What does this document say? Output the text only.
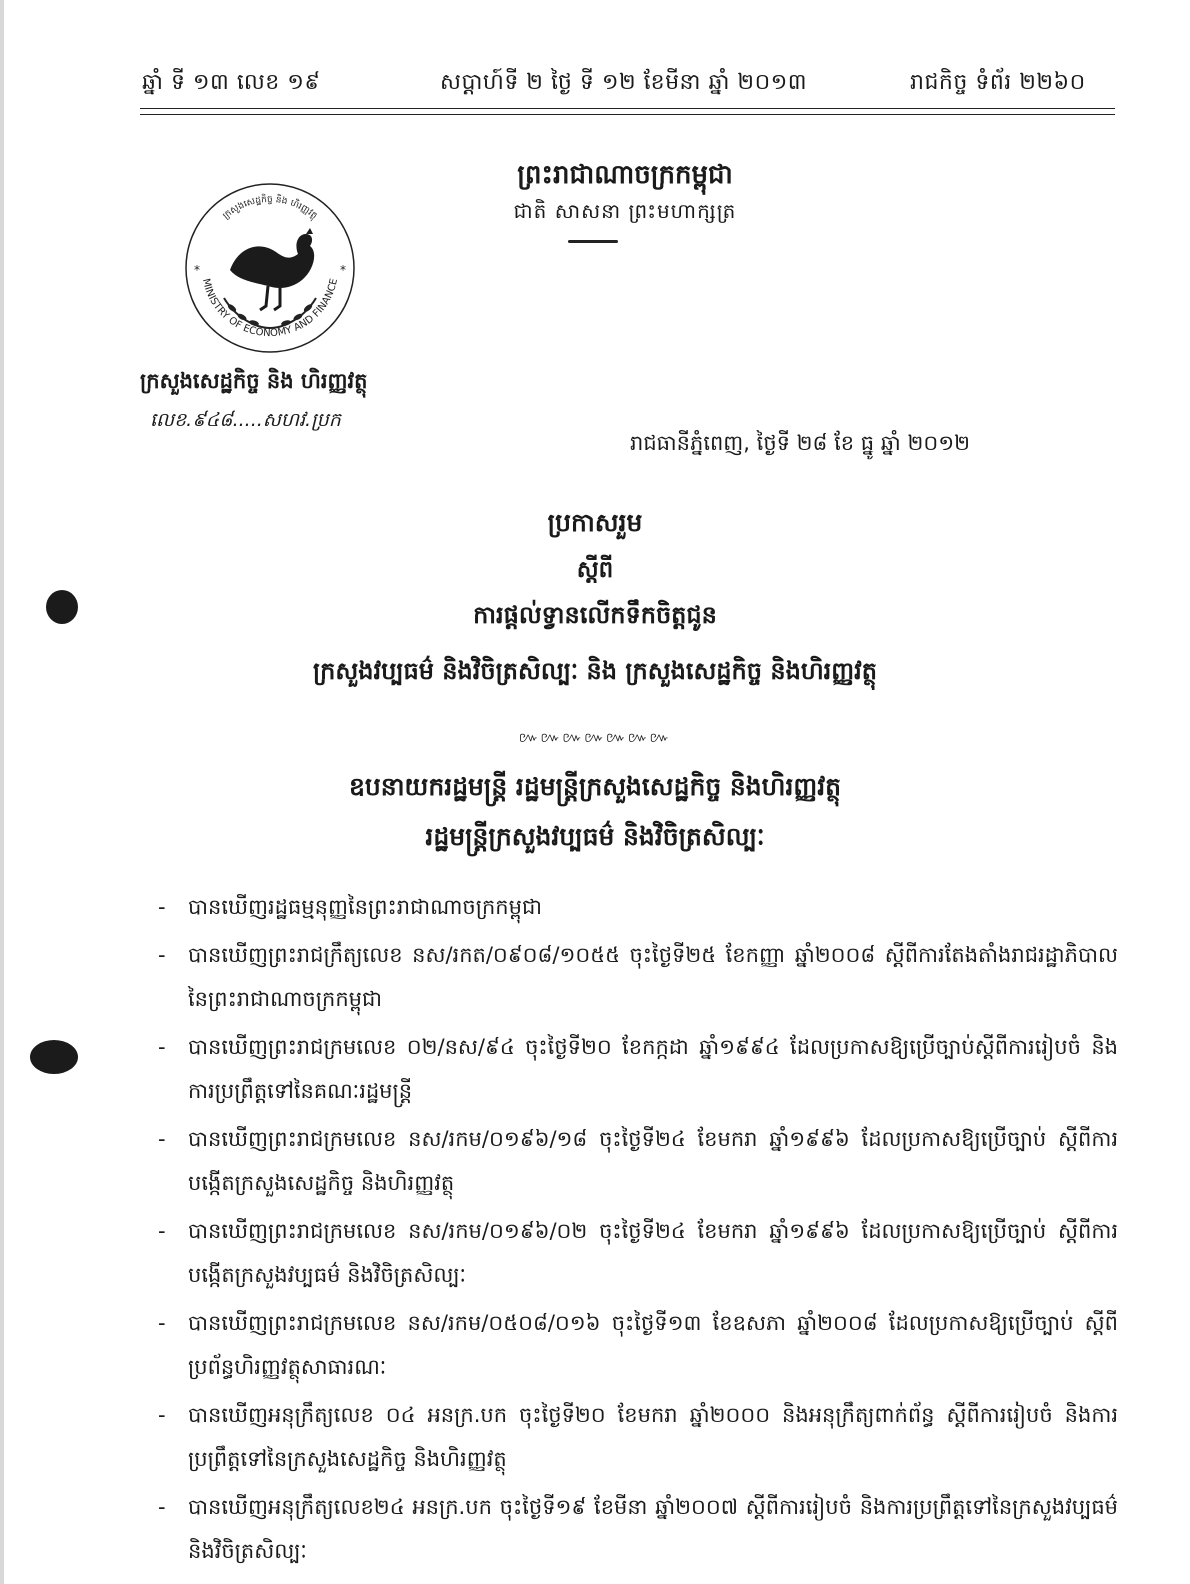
ឆ្នាំ ទី ១៣ លេខ ១៩	សប្តាហ៍ទី ២ ថ្ងៃ ទី ១២ ខែមីនា ឆ្នាំ ២០១៣	រាជកិច្ច ទំព័រ ២២៦០
ព្រះរាជាណាចក្រកម្ពុជា
ជាតិ សាសនា ព្រះមហាក្សត្រ
MINISTRY OF ECONOMY AND FINANCE
ក្រសួងសេដ្ឋកិច្ច និង ហិរញ្ញវត្ថុ
*	*
ក្រសួងសេដ្ឋកិច្ច និង ហិរញ្ញវត្ថុ
លេខ.៩៤៨.....សហវ.ប្រក
រាជធានីភ្នំពេញ, ថ្ងៃទី ២៨ ខែ ធ្នូ ឆ្នាំ ២០១២
ប្រកាសរួម
ស្តីពី
ការផ្តល់ទ្វានលើកទឹកចិត្តជូន
ក្រសួងវប្បធម៌ និងវិចិត្រសិល្បៈ និង ក្រសួងសេដ្ឋកិច្ច និងហិរញ្ញវត្ថុ
៚៚៚៚៚៚៚
ឧបនាយករដ្ឋមន្ត្រី រដ្ឋមន្ត្រីក្រសួងសេដ្ឋកិច្ច និងហិរញ្ញវត្ថុ
រដ្ឋមន្ត្រីក្រសួងវប្បធម៌ និងវិចិត្រសិល្បៈ
- បានឃើញរដ្ឋធម្មនុញ្ញនៃព្រះរាជាណាចក្រកម្ពុជា
- បានឃើញព្រះរាជក្រឹត្យលេខ នស/រកត/០៩០៨/១០៥៥ ចុះថ្ងៃទី២៥ ខែកញ្ញា ឆ្នាំ២០០៨ ស្តីពីការតែងតាំងរាជរដ្ឋាភិបាលនៃព្រះរាជាណាចក្រកម្ពុជា
- បានឃើញព្រះរាជក្រមលេខ ០២/នស/៩៤ ចុះថ្ងៃទី២០ ខែកក្កដា ឆ្នាំ១៩៩៤ ដែលប្រកាសឱ្យប្រើច្បាប់ស្តីពីការរៀបចំ និងការប្រព្រឹត្តទៅនៃគណៈរដ្ឋមន្ត្រី
- បានឃើញព្រះរាជក្រមលេខ នស/រកម/០១៩៦/១៨ ចុះថ្ងៃទី២៤ ខែមករា ឆ្នាំ១៩៩៦ ដែលប្រកាសឱ្យប្រើច្បាប់ ស្តីពីការបង្កើតក្រសួងសេដ្ឋកិច្ច និងហិរញ្ញវត្ថុ
- បានឃើញព្រះរាជក្រមលេខ នស/រកម/០១៩៦/០២ ចុះថ្ងៃទី២៤ ខែមករា ឆ្នាំ១៩៩៦ ដែលប្រកាសឱ្យប្រើច្បាប់ ស្តីពីការបង្កើតក្រសួងវប្បធម៌ និងវិចិត្រសិល្បៈ
- បានឃើញព្រះរាជក្រមលេខ នស/រកម/០៥០៨/០១៦ ចុះថ្ងៃទី១៣ ខែឧសភា ឆ្នាំ២០០៨ ដែលប្រកាសឱ្យប្រើច្បាប់ ស្តីពីប្រព័ន្ធហិរញ្ញវត្ថុសាធារណៈ
- បានឃើញអនុក្រឹត្យលេខ ០៤ អនក្រ.បក ចុះថ្ងៃទី២០ ខែមករា ឆ្នាំ២០០០ និងអនុក្រឹត្យពាក់ព័ន្ធ ស្តីពីការរៀបចំ និងការប្រព្រឹត្តទៅនៃក្រសួងសេដ្ឋកិច្ច និងហិរញ្ញវត្ថុ
- បានឃើញអនុក្រឹត្យលេខ២៤ អនក្រ.បក ចុះថ្ងៃទី១៩ ខែមីនា ឆ្នាំ២០០៧ ស្តីពីការរៀបចំ និងការប្រព្រឹត្តទៅនៃក្រសួងវប្បធម៌ និងវិចិត្រសិល្បៈ
